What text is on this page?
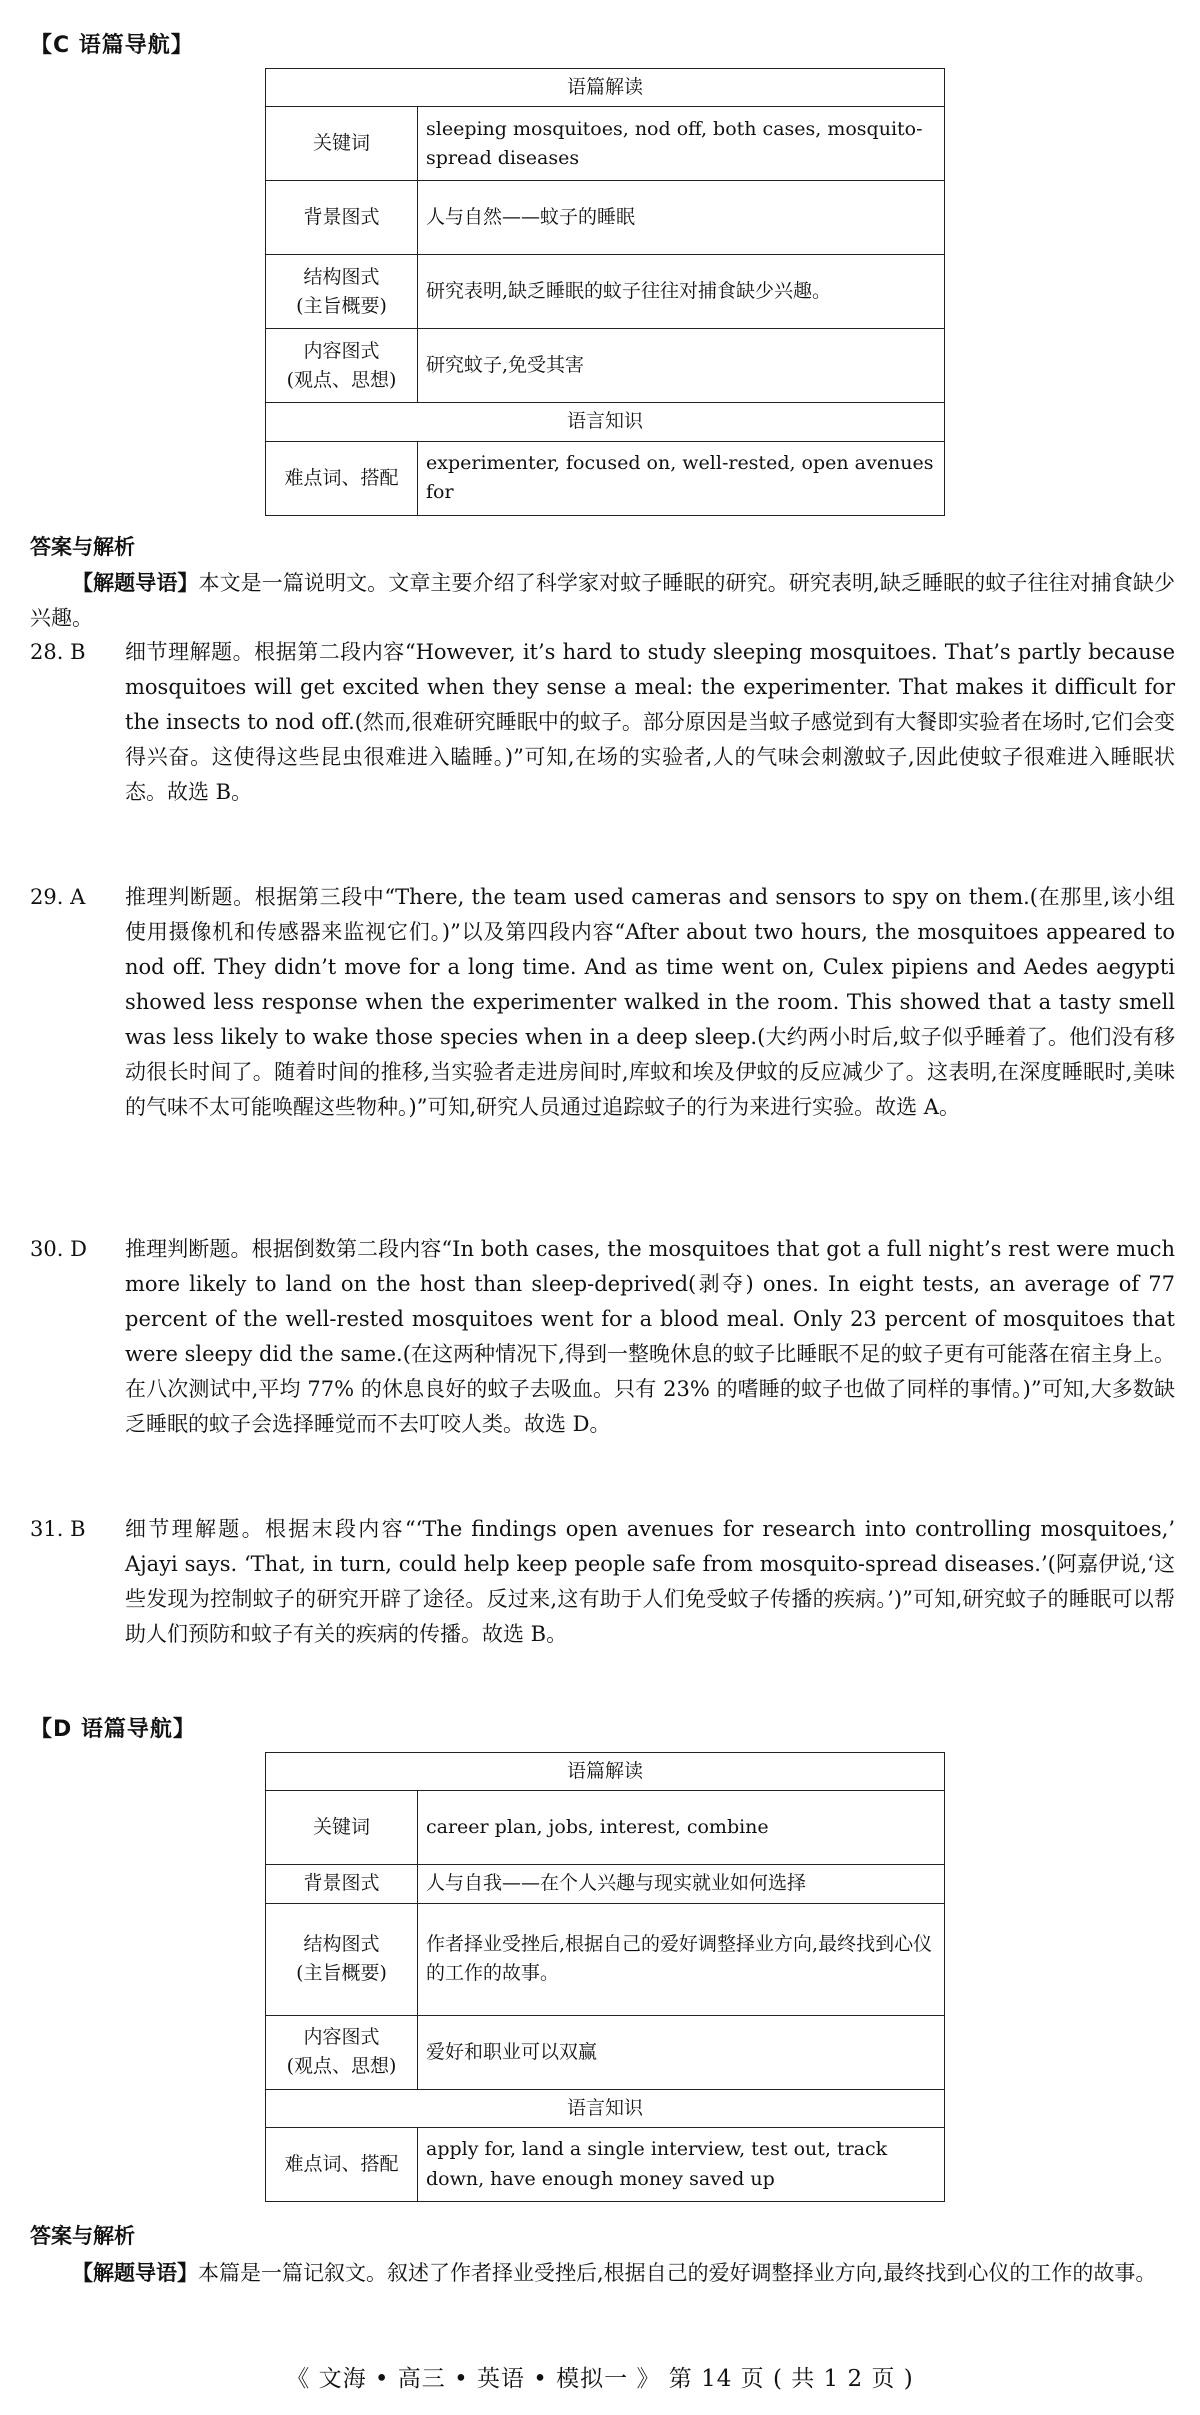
【C 语篇导航】
语篇解读	
关键词	sleeping mosquitoes, nod off, both cases, mosquito-spread diseases
背景图式	人与自然——蚊子的睡眠
结构图式
(主旨概要)	研究表明,缺乏睡眠的蚊子往往对捕食缺少兴趣。
内容图式
(观点、思想)	研究蚊子,免受其害
语言知识	
难点词、搭配	experimenter, focused on, well-rested, open avenues for
答案与解析
【解题导语】本文是一篇说明文。文章主要介绍了科学家对蚊子睡眠的研究。研究表明,缺乏睡眠的蚊子往往对捕食缺少兴趣。
28. B	细节理解题。根据第二段内容“However, it’s hard to study sleeping mosquitoes. That’s partly because mosquitoes will get excited when they sense a meal: the experimenter. That makes it difficult for the insects to nod off.(然而,很难研究睡眠中的蚊子。部分原因是当蚊子感觉到有大餐即实验者在场时,它们会变得兴奋。这使得这些昆虫很难进入瞌睡。)”可知,在场的实验者,人的气味会刺激蚊子,因此使蚊子很难进入睡眠状态。故选 B。
29. A	推理判断题。根据第三段中“There, the team used cameras and sensors to spy on them.(在那里,该小组使用摄像机和传感器来监视它们。)”以及第四段内容“After about two hours, the mosquitoes appeared to nod off. They didn’t move for a long time. And as time went on, Culex pipiens and Aedes aegypti showed less response when the experimenter walked in the room. This showed that a tasty smell was less likely to wake those species when in a deep sleep.(大约两小时后,蚊子似乎睡着了。他们没有移动很长时间了。随着时间的推移,当实验者走进房间时,库蚊和埃及伊蚊的反应减少了。这表明,在深度睡眠时,美味的气味不太可能唤醒这些物种。)”可知,研究人员通过追踪蚊子的行为来进行实验。故选 A。
30. D	推理判断题。根据倒数第二段内容“In both cases, the mosquitoes that got a full night’s rest were much more likely to land on the host than sleep-deprived(剥夺) ones. In eight tests, an average of 77 percent of the well-rested mosquitoes went for a blood meal. Only 23 percent of mosquitoes that were sleepy did the same.(在这两种情况下,得到一整晚休息的蚊子比睡眠不足的蚊子更有可能落在宿主身上。在八次测试中,平均 77% 的休息良好的蚊子去吸血。只有 23% 的嗜睡的蚊子也做了同样的事情。)”可知,大多数缺乏睡眠的蚊子会选择睡觉而不去叮咬人类。故选 D。
31. B	细节理解题。根据末段内容“‘The findings open avenues for research into controlling mosquitoes,’ Ajayi says. ‘That, in turn, could help keep people safe from mosquito-spread diseases.’(阿嘉伊说,‘这些发现为控制蚊子的研究开辟了途径。反过来,这有助于人们免受蚊子传播的疾病。’)”可知,研究蚊子的睡眠可以帮助人们预防和蚊子有关的疾病的传播。故选 B。
【D 语篇导航】
语篇解读	
关键词	career plan, jobs, interest, combine
背景图式	人与自我——在个人兴趣与现实就业如何选择
结构图式
(主旨概要)	作者择业受挫后,根据自己的爱好调整择业方向,最终找到心仪的工作的故事。
内容图式
(观点、思想)	爱好和职业可以双赢
语言知识	
难点词、搭配	apply for, land a single interview, test out, track down, have enough money saved up
答案与解析
【解题导语】本篇是一篇记叙文。叙述了作者择业受挫后,根据自己的爱好调整择业方向,最终找到心仪的工作的故事。
《 文海 • 高三 • 英语 • 模拟一 》 第 14 页 ( 共 1 2 页 )
